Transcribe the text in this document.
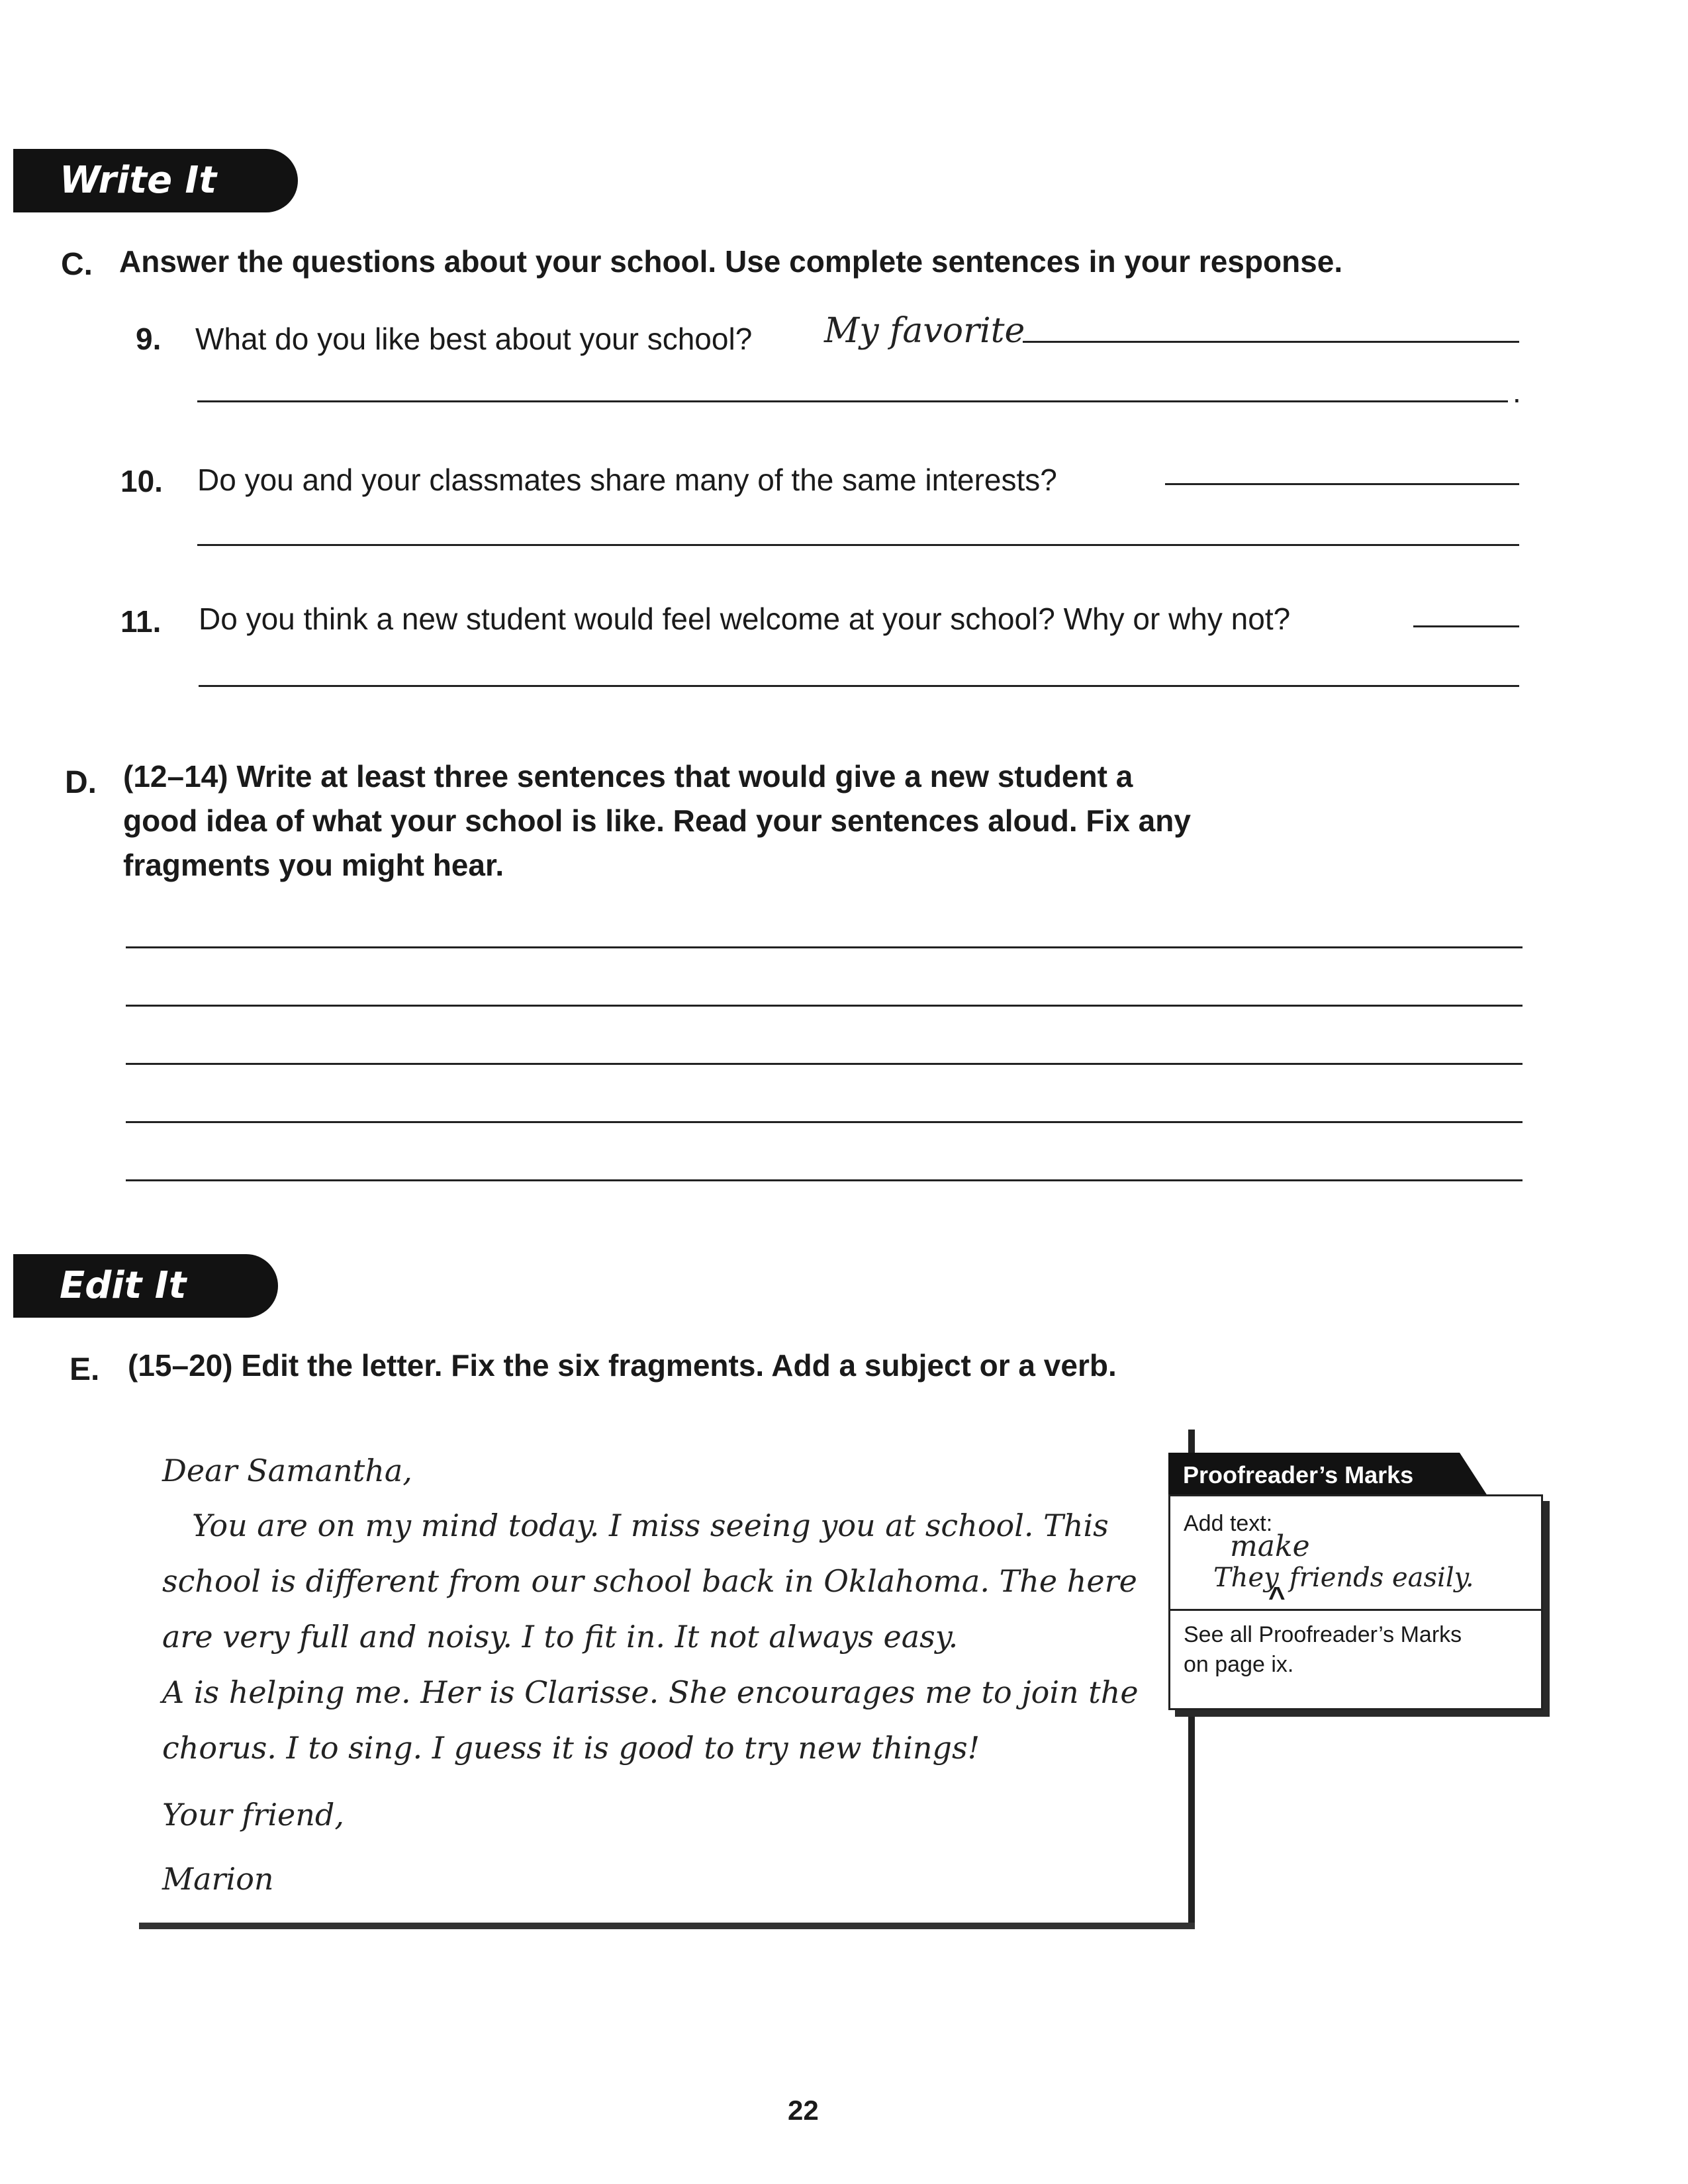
Write It
C. Answer the questions about your school. Use complete sentences in your response.
9. What do you like best about your school? My favorite
.
10. Do you and your classmates share many of the same interests?
11. Do you think a new student would feel welcome at your school? Why or why not?
D. (12–14) Write at least three sentences that would give a new student a
good idea of what your school is like. Read your sentences aloud. Fix any
fragments you might hear.
Edit It
E. (15–20) Edit the letter. Fix the six fragments. Add a subject or a verb.
Dear Samantha,
You are on my mind today. I miss seeing you at school. This
school is different from our school back in Oklahoma. The here
are very full and noisy. I to fit in. It not always easy.
A is helping me. Her is Clarisse. She encourages me to join the
chorus. I to sing. I guess it is good to try new things!
Your friend,
Marion
Proofreader’s Marks
Add text:
make
They
^
friends easily.
See all Proofreader’s Marks
on page ix.
22
